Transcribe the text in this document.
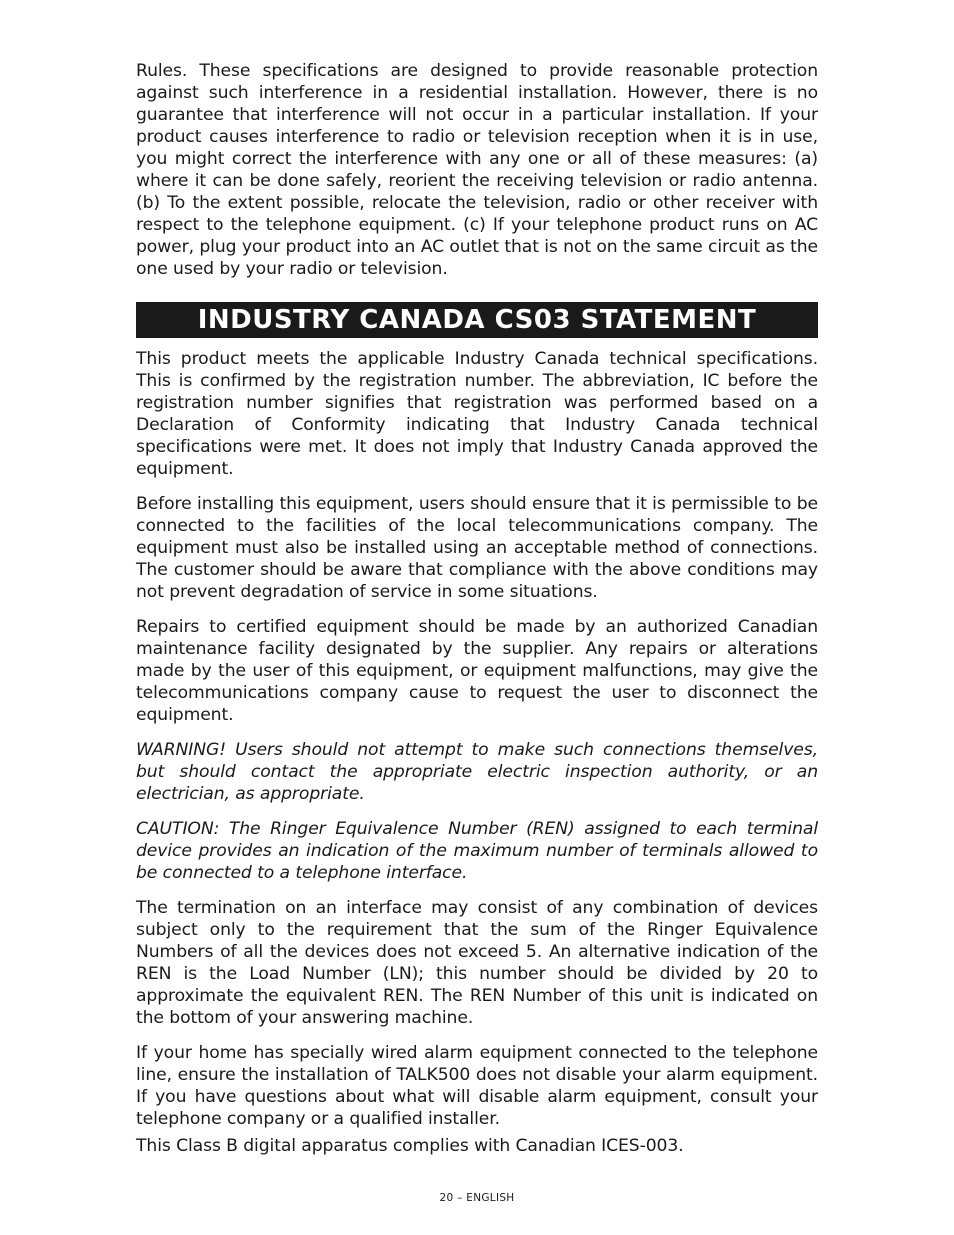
Rules. These specifications are designed to provide reasonable protection against such interference in a residential installation. However, there is no guarantee that interference will not occur in a particular installation. If your product causes interference to radio or television reception when it is in use, you might correct the interference with any one or all of these measures: (a) where it can be done safely, reorient the receiving television or radio antenna. (b) To the extent possible, relocate the television, radio or other receiver with respect to the telephone equipment. (c) If your telephone product runs on AC power, plug your product into an AC outlet that is not on the same circuit as the one used by your radio or television.

INDUSTRY CANADA CS03 STATEMENT

This product meets the applicable Industry Canada technical specifications. This is confirmed by the registration number. The abbreviation, IC before the registration number signifies that registration was performed based on a Declaration of Conformity indicating that Industry Canada technical specifications were met. It does not imply that Industry Canada approved the equipment.

Before installing this equipment, users should ensure that it is permissible to be connected to the facilities of the local telecommunications company. The equipment must also be installed using an acceptable method of connections. The customer should be aware that compliance with the above conditions may not prevent degradation of service in some situations.

Repairs to certified equipment should be made by an authorized Canadian maintenance facility designated by the supplier. Any repairs or alterations made by the user of this equipment, or equipment malfunctions, may give the telecommunications company cause to request the user to disconnect the equipment.

WARNING! Users should not attempt to make such connections themselves, but should contact the appropriate electric inspection authority, or an electrician, as appropriate.

CAUTION: The Ringer Equivalence Number (REN) assigned to each terminal device provides an indication of the maximum number of terminals allowed to be connected to a telephone interface.

The termination on an interface may consist of any combination of devices subject only to the requirement that the sum of the Ringer Equivalence Numbers of all the devices does not exceed 5. An alternative indication of the REN is the Load Number (LN); this number should be divided by 20 to approximate the equivalent REN. The REN Number of this unit is indicated on the bottom of your answering machine.

If your home has specially wired alarm equipment connected to the telephone line, ensure the installation of TALK500 does not disable your alarm equipment. If you have questions about what will disable alarm equipment, consult your telephone company or a qualified installer.

This Class B digital apparatus complies with Canadian ICES-003.

20 – ENGLISH
